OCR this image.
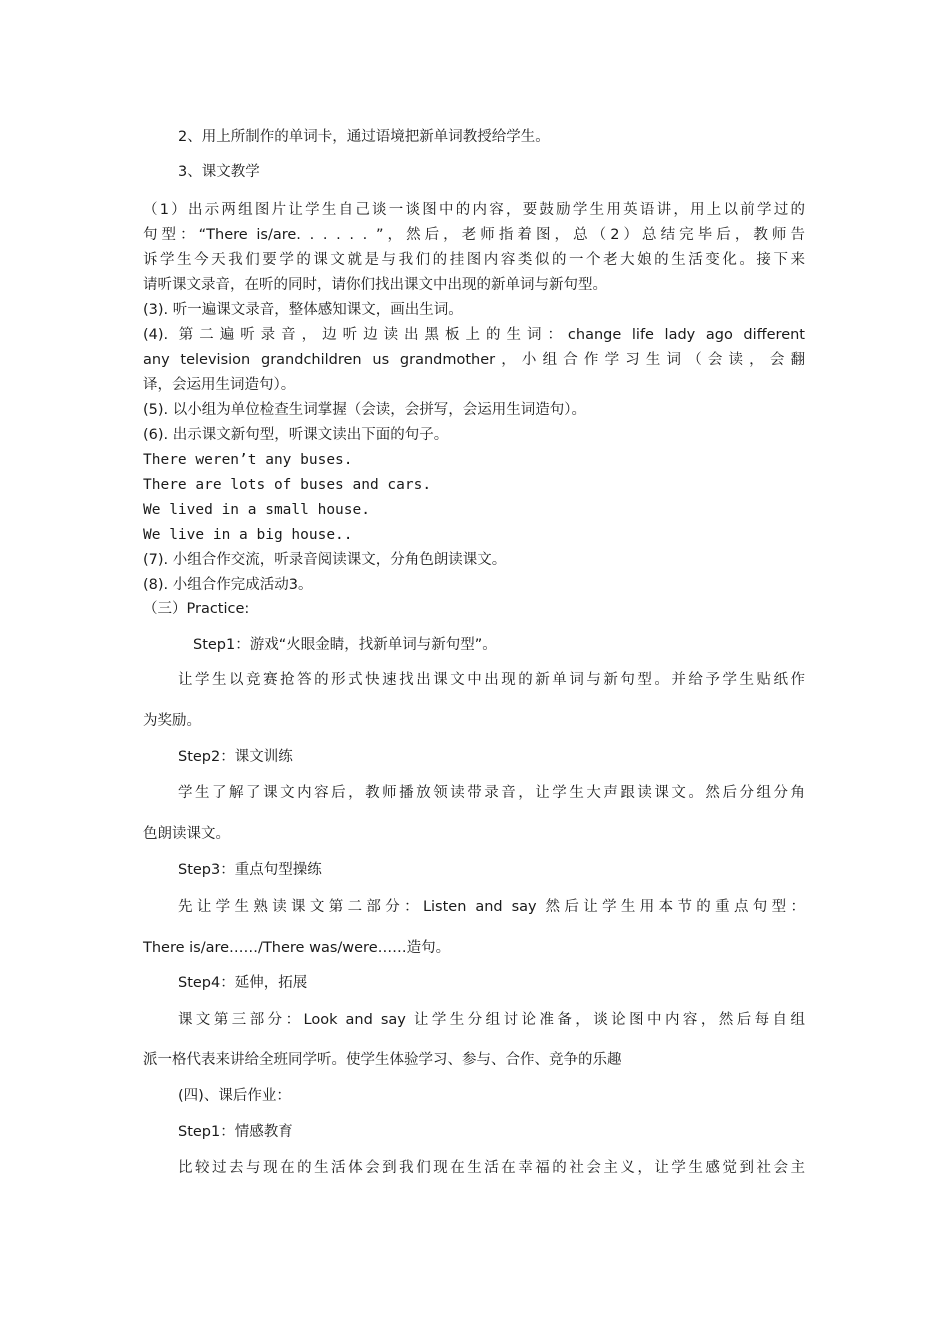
2、用上所制作的单词卡，通过语境把新单词教授给学生。
3、课文教学
（1）出示两组图片让学生自己谈一谈图中的内容，要鼓励学生用英语讲，用上以前学过的
句型：“There is/are. . . . . . ”，然后，老师指着图，总（2）总结完毕后，教师告
诉学生今天我们要学的课文就是与我们的挂图内容类似的一个老大娘的生活变化。接下来
请听课文录音，在听的同时，请你们找出课文中出现的新单词与新句型。
(3). 听一遍课文录音，整体感知课文，画出生词。
(4). 第二遍听录音，边听边读出黑板上的生词：change life lady ago different
any television grandchildren us grandmother，小组合作学习生词（会读，会翻
译，会运用生词造句）。
(5). 以小组为单位检查生词掌握（会读，会拼写，会运用生词造句）。
(6). 出示课文新句型，听课文读出下面的句子。
There weren’t any buses.
There are lots of buses and cars.
We lived in a small house.
We live in a big house..
(7). 小组合作交流，听录音阅读课文，分角色朗读课文。
(8). 小组合作完成活动3。
（三）Practice:
Step1：游戏“火眼金睛，找新单词与新句型”。
让学生以竞赛抢答的形式快速找出课文中出现的新单词与新句型。并给予学生贴纸作
为奖励。
Step2：课文训练
学生了解了课文内容后，教师播放领读带录音，让学生大声跟读课文。然后分组分角
色朗读课文。
Step3：重点句型操练
先让学生熟读课文第二部分：Listen and say 然后让学生用本节的重点句型：
There is/are……/There was/were……造句。
Step4：延伸，拓展
课文第三部分：Look and say 让学生分组讨论准备，谈论图中内容，然后每自组
派一格代表来讲给全班同学听。使学生体验学习、参与、合作、竞争的乐趣
(四)、课后作业：
Step1：情感教育
比较过去与现在的生活体会到我们现在生活在幸福的社会主义，让学生感觉到社会主
